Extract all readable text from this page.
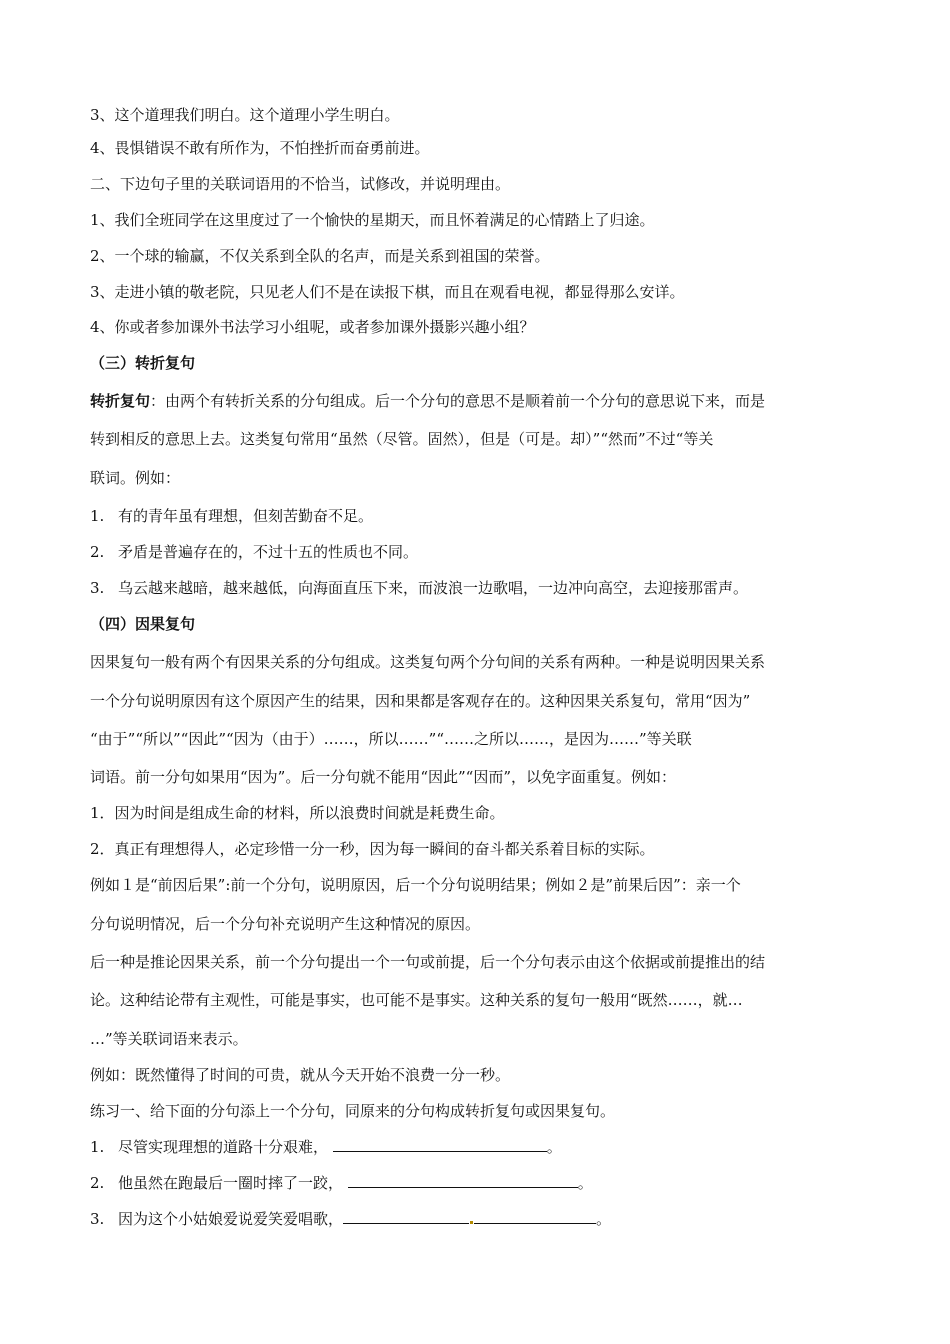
3、这个道理我们明白。这个道理小学生明白。

4、畏惧错误不敢有所作为，不怕挫折而奋勇前进。

二、下边句子里的关联词语用的不恰当，试修改，并说明理由。

1、我们全班同学在这里度过了一个愉快的星期天，而且怀着满足的心情踏上了归途。

2、一个球的输赢，不仅关系到全队的名声，而是关系到祖国的荣誉。

3、走进小镇的敬老院，只见老人们不是在读报下棋，而且在观看电视，都显得那么安详。

4、你或者参加课外书法学习小组呢，或者参加课外摄影兴趣小组？

（三）转折复句

转折复句：由两个有转折关系的分句组成。后一个分句的意思不是顺着前一个分句的意思说下来，而是

转到相反的意思上去。这类复句常用“虽然（尽管。固然），但是（可是。却）”“然而”不过“等关

联词。例如：

1. 有的青年虽有理想，但刻苦勤奋不足。

2. 矛盾是普遍存在的，不过十五的性质也不同。

3. 乌云越来越暗，越来越低，向海面直压下来，而波浪一边歌唱，一边冲向高空，去迎接那雷声。

（四）因果复句

因果复句一般有两个有因果关系的分句组成。这类复句两个分句间的关系有两种。一种是说明因果关系

一个分句说明原因有这个原因产生的结果，因和果都是客观存在的。这种因果关系复句，常用“因为”

“由于”“所以”“因此”“因为（由于）……，所以……”“……之所以……，是因为……”等关联

词语。前一分句如果用“因为”。后一分句就不能用“因此”“因而”，以免字面重复。例如：

1．因为时间是组成生命的材料，所以浪费时间就是耗费生命。

2．真正有理想得人，必定珍惜一分一秒，因为每一瞬间的奋斗都关系着目标的实际。

例如１是“前因后果”:前一个分句，说明原因，后一个分句说明结果；例如２是”前果后因”：亲一个

分句说明情况，后一个分句补充说明产生这种情况的原因。

后一种是推论因果关系，前一个分句提出一个一句或前提，后一个分句表示由这个依据或前提推出的结

论。这种结论带有主观性，可能是事实，也可能不是事实。这种关系的复句一般用“既然……，就…

…”等关联词语来表示。

例如：既然懂得了时间的可贵，就从今天开始不浪费一分一秒。

练习一、给下面的分句添上一个分句，同原来的分句构成转折复句或因果复句。

1. 尽管实现理想的道路十分艰难，	。

2. 他虽然在跑最后一圈时摔了一跤，	。

3. 因为这个小姑娘爱说爱笑爱唱歌，	。
